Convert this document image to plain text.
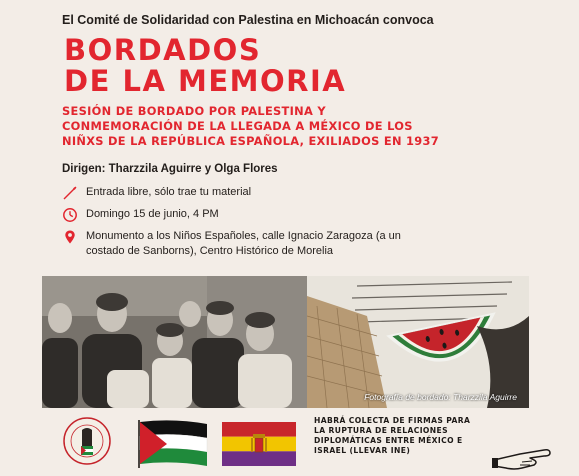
El Comité de Solidaridad con Palestina en Michoacán convoca
BORDADOS
DE LA MEMORIA
SESIÓN DE BORDADO POR PALESTINA Y
CONMEMORACIÓN DE LA LLEGADA A MÉXICO DE LOS
NIÑXS DE LA REPÚBLICA ESPAÑOLA, EXILIADOS EN 1937
Dirigen: Tharzzila Aguirre y Olga Flores
Entrada libre, sólo trae tu material
Domingo 15 de junio, 4 PM
Monumento a los Niños Españoles, calle Ignacio Zaragoza (a un
costado de Sanborns), Centro Histórico de Morelia
Fotografía de bordado: Tharzzila Aguirre
HABRÁ COLECTA DE FIRMAS PARA
LA RUPTURA DE RELACIONES
DIPLOMÁTICAS ENTRE MÉXICO E
ISRAEL (LLEVAR INE)
